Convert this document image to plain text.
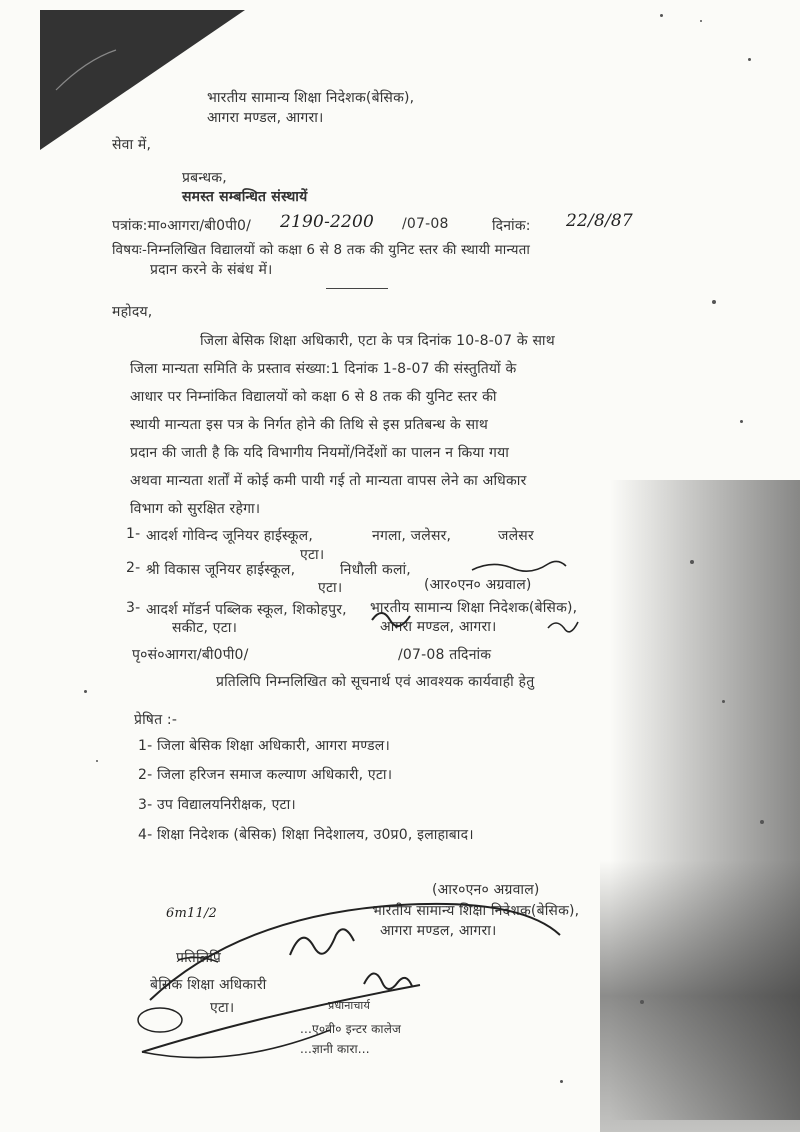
भारतीय सामान्य शिक्षा निदेशक(बेसिक),
आगरा मण्डल, आगरा।
सेवा में,
प्रबन्धक,
समस्त सम्बन्धित संस्थायें
पत्रांक:मा०आगरा/बी0पी0/ 2190-2200 /07-08	दिनांक: 22/8/87
विषयः-निम्नलिखित विद्यालयों को कक्षा 6 से 8 तक की युनिट स्तर की स्थायी मान्यता
प्रदान करने के संबंध में।
महोदय,
जिला बेसिक शिक्षा अधिकारी, एटा के पत्र दिनांक 10-8-07 के साथ
जिला मान्यता समिति के प्रस्ताव संख्या:1 दिनांक 1-8-07 की संस्तुतियों के
आधार पर निम्नांकित विद्यालयों को कक्षा 6 से 8 तक की युनिट स्तर की
स्थायी मान्यता इस पत्र के निर्गत होने की तिथि से इस प्रतिबन्ध के साथ
प्रदान की जाती है कि यदि विभागीय नियमों/निर्देशों का पालन न किया गया
अथवा मान्यता शर्तों में कोई कमी पायी गई तो मान्यता वापस लेने का अधिकार
विभाग को सुरक्षित रहेगा।
1- आदर्श गोविन्द जूनियर हाईस्कूल,	नगला, जलेसर,	जलेसर
एटा।
2- श्री विकास जूनियर हाईस्कूल,	निधौली कलां,
एटा।
3- आदर्श मॉडर्न पब्लिक स्कूल, शिकोहपुर,
सकीट, एटा।
(आर०एन० अग्रवाल)
भारतीय सामान्य शिक्षा निदेशक(बेसिक),
आगरा मण्डल, आगरा।
पृ०सं०आगरा/बी0पी0/	/07-08 तदिनांक
प्रतिलिपि निम्नलिखित को सूचनार्थ एवं आवश्यक कार्यवाही हेतु
प्रेषित :-
1- जिला बेसिक शिक्षा अधिकारी, आगरा मण्डल।
2- जिला हरिजन समाज कल्याण अधिकारी, एटा।
3- उप विद्यालयनिरीक्षक, एटा।
4- शिक्षा निदेशक (बेसिक) शिक्षा निदेशालय, उ0प्र0, इलाहाबाद।
(आर०एन० अग्रवाल)
भारतीय सामान्य शिक्षा निदेशक(बेसिक),
आगरा मण्डल, आगरा।
6m11/2
प्रतिलिपि
बेसिक शिक्षा अधिकारी
एटा।	प्रधानाचार्य
...ए०वी० इन्टर कालेज
...ज्ञानी कारा...
